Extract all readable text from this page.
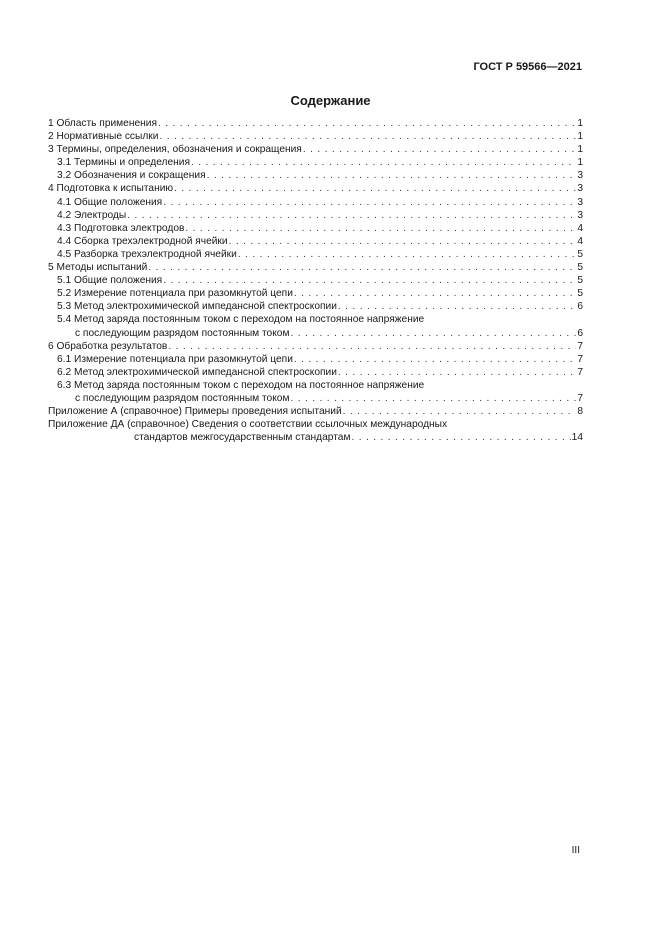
ГОСТ Р 59566—2021
Содержание
1 Область применения . . .	1
2 Нормативные ссылки . . .	1
3 Термины, определения, обозначения и сокращения . . .	1
3.1 Термины и определения . . .	1
3.2 Обозначения и сокращения . . .	3
4 Подготовка к испытанию . . .	3
4.1 Общие положения . . .	3
4.2 Электроды . . .	3
4.3 Подготовка электродов . . .	4
4.4 Сборка трехэлектродной ячейки . . .	4
4.5 Разборка трехэлектродной ячейки . . .	5
5 Методы испытаний . . .	5
5.1 Общие положения . . .	5
5.2 Измерение потенциала при разомкнутой цепи . . .	5
5.3 Метод электрохимической импеданcной спектроскопии . . .	6
5.4 Метод заряда постоянным током с переходом на постоянное напряжение
с последующим разрядом постоянным током . . .	6
6 Обработка результатов . . .	7
6.1 Измерение потенциала при разомкнутой цепи . . .	7
6.2 Метод электрохимической импеданcной спектроскопии . . .	7
6.3 Метод заряда постоянным током с переходом на постоянное напряжение
с последующим разрядом постоянным током . . .	7
Приложение А (справочное) Примеры проведения испытаний . . .	8
Приложение ДА (справочное) Сведения о соответствии ссылочных международных
стандартов межгосударственным стандартам . . .	14
III
